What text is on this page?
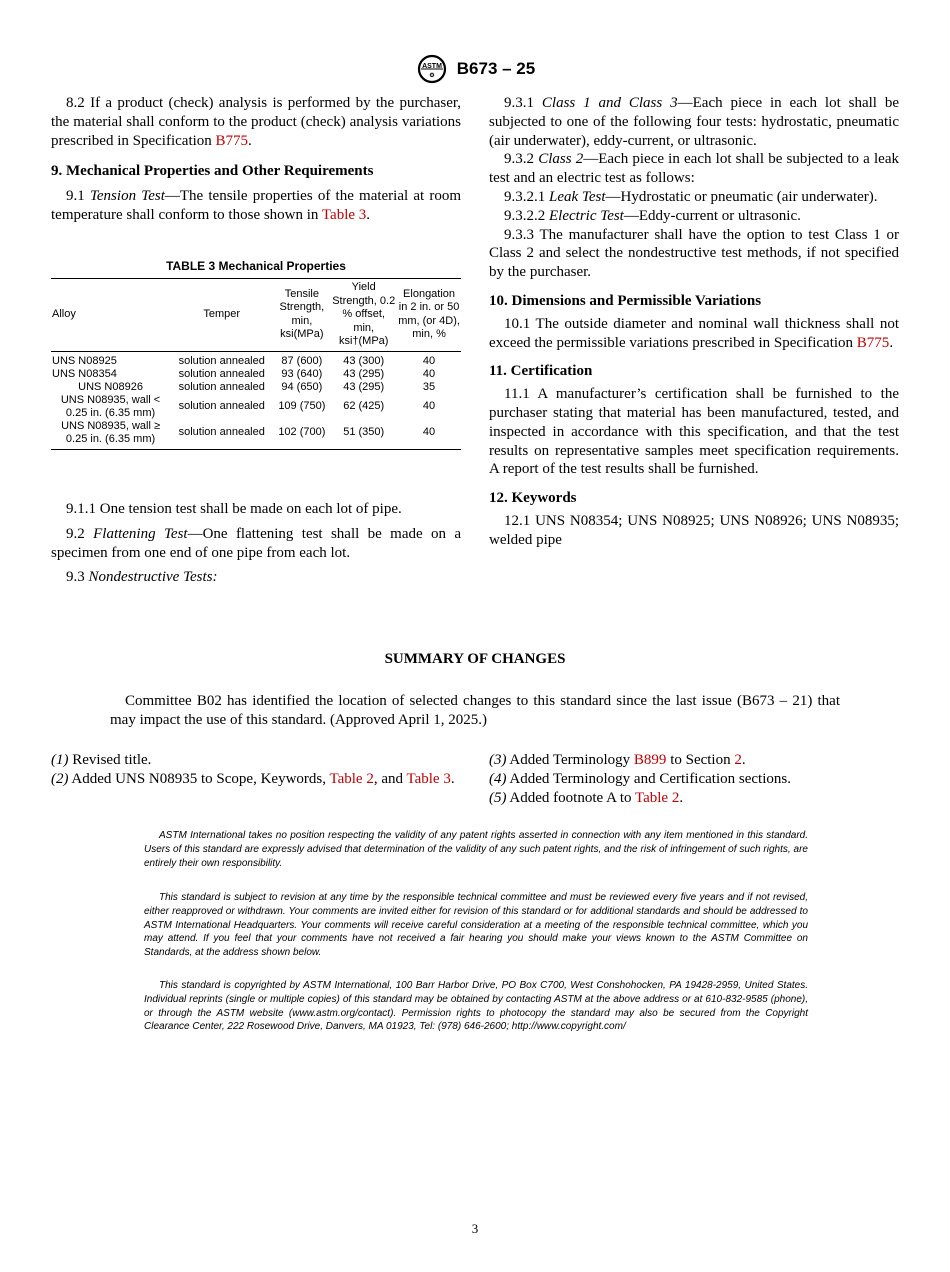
ASTM
⚙ B673 – 25

8.2 If a product (check) analysis is performed by the purchaser, the material shall conform to the product (check) analysis variations prescribed in Specification B775.

9. Mechanical Properties and Other Requirements

9.1 Tension Test—The tensile properties of the material at room temperature shall conform to those shown in Table 3.

TABLE 3 Mechanical Properties
Alloy	Temper	Tensile Strength, min, ksi(MPa)	Yield Strength, 0.2 % offset, min, ksi†(MPa)	Elongation in 2 in. or 50 mm, (or 4D), min, %
UNS N08925	solution annealed	87 (600)	43 (300)	40
UNS N08354	solution annealed	93 (640)	43 (295)	40
UNS N08926	solution annealed	94 (650)	43 (295)	35
UNS N08935, wall < 0.25 in. (6.35 mm)	solution annealed	109 (750)	62 (425)	40
UNS N08935, wall ≥ 0.25 in. (6.35 mm)	solution annealed	102 (700)	51 (350)	40

9.1.1 One tension test shall be made on each lot of pipe.

9.2 Flattening Test—One flattening test shall be made on a specimen from one end of one pipe from each lot.

9.3 Nondestructive Tests:

9.3.1 Class 1 and Class 3—Each piece in each lot shall be subjected to one of the following four tests: hydrostatic, pneumatic (air underwater), eddy-current, or ultrasonic.

9.3.2 Class 2—Each piece in each lot shall be subjected to a leak test and an electric test as follows:

9.3.2.1 Leak Test—Hydrostatic or pneumatic (air underwater).

9.3.2.2 Electric Test—Eddy-current or ultrasonic.

9.3.3 The manufacturer shall have the option to test Class 1 or Class 2 and select the nondestructive test methods, if not specified by the purchaser.

10. Dimensions and Permissible Variations

10.1 The outside diameter and nominal wall thickness shall not exceed the permissible variations prescribed in Specification B775.

11. Certification

11.1 A manufacturer’s certification shall be furnished to the purchaser stating that material has been manufactured, tested, and inspected in accordance with this specification, and that the test results on representative samples meet specification requirements. A report of the test results shall be furnished.

12. Keywords

12.1 UNS N08354; UNS N08925; UNS N08926; UNS N08935; welded pipe

SUMMARY OF CHANGES
Committee B02 has identified the location of selected changes to this standard since the last issue (B673 – 21) that may impact the use of this standard. (Approved April 1, 2025.)
(1) Revised title.
(2) Added UNS N08935 to Scope, Keywords, Table 2, and Table 3.
(3) Added Terminology B899 to Section 2.
(4) Added Terminology and Certification sections.
(5) Added footnote A to Table 2.
ASTM International takes no position respecting the validity of any patent rights asserted in connection with any item mentioned in this standard. Users of this standard are expressly advised that determination of the validity of any such patent rights, and the risk of infringement of such rights, are entirely their own responsibility.
This standard is subject to revision at any time by the responsible technical committee and must be reviewed every five years and if not revised, either reapproved or withdrawn. Your comments are invited either for revision of this standard or for additional standards and should be addressed to ASTM International Headquarters. Your comments will receive careful consideration at a meeting of the responsible technical committee, which you may attend. If you feel that your comments have not received a fair hearing you should make your views known to the ASTM Committee on Standards, at the address shown below.
This standard is copyrighted by ASTM International, 100 Barr Harbor Drive, PO Box C700, West Conshohocken, PA 19428-2959, United States. Individual reprints (single or multiple copies) of this standard may be obtained by contacting ASTM at the above address or at 610-832-9585 (phone), or through the ASTM website (www.astm.org/contact). Permission rights to photocopy the standard may also be secured from the Copyright Clearance Center, 222 Rosewood Drive, Danvers, MA 01923, Tel: (978) 646-2600; http://www.copyright.com/
3
